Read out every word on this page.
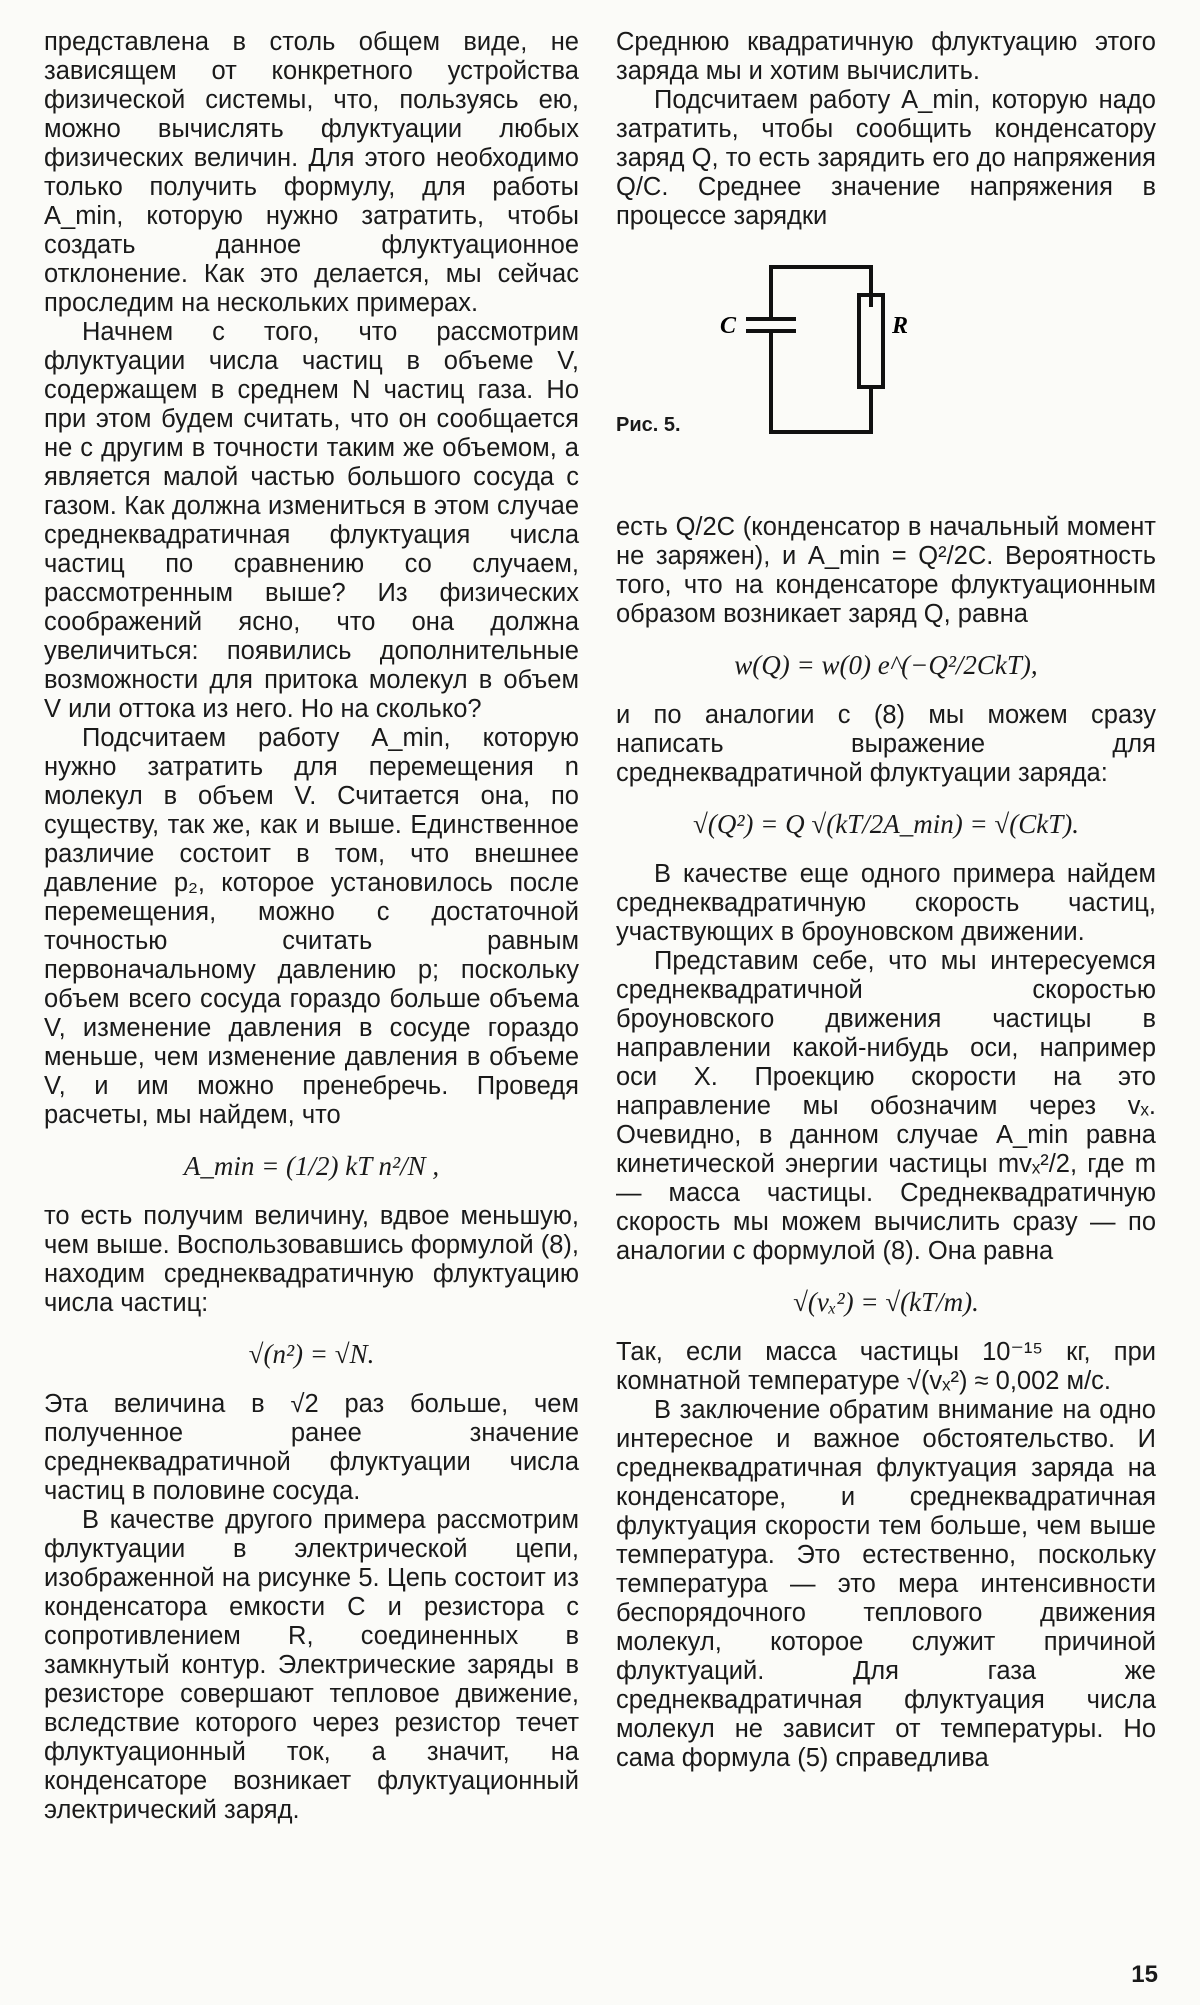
представлена в столь общем виде, не зависящем от конкретного устройства физической системы, что, пользуясь ею, можно вычислять флуктуации любых физических величин. Для этого необходимо только получить формулу, для работы A_min, которую нужно затратить, чтобы создать данное флуктуационное отклонение. Как это делается, мы сейчас проследим на нескольких примерах.

Начнем с того, что рассмотрим флуктуации числа частиц в объеме V, содержащем в среднем N частиц газа. Но при этом будем считать, что он сообщается не с другим в точности таким же объемом, а является малой частью большого сосуда с газом. Как должна измениться в этом случае среднеквадратичная флуктуация числа частиц по сравнению со случаем, рассмотренным выше? Из физических соображений ясно, что она должна увеличиться: появились дополнительные возможности для притока молекул в объем V или оттока из него. Но на сколько?

Подсчитаем работу A_min, которую нужно затратить для перемещения n молекул в объем V. Считается она, по существу, так же, как и выше. Единственное различие состоит в том, что внешнее давление p₂, которое установилось после перемещения, можно с достаточной точностью считать равным первоначальному давлению p; поскольку объем всего сосуда гораздо больше объема V, изменение давления в сосуде гораздо меньше, чем изменение давления в объеме V, и им можно пренебречь. Проведя расчеты, мы найдем, что

A_min = (1/2) kT n²/N ,

то есть получим величину, вдвое меньшую, чем выше. Воспользовавшись формулой (8), находим среднеквадратичную флуктуацию числа частиц:

√(n²) = √N.

Эта величина в √2 раз больше, чем полученное ранее значение среднеквадратичной флуктуации числа частиц в половине сосуда.

В качестве другого примера рассмотрим флуктуации в электрической цепи, изображенной на рисунке 5. Цепь состоит из конденсатора емкости C и резистора с сопротивлением R, соединенных в замкнутый контур. Электрические заряды в резисторе совершают тепловое движение, вследствие которого через резистор течет флуктуационный ток, а значит, на конденсаторе возникает флуктуационный электрический заряд.

Среднюю квадратичную флуктуацию этого заряда мы и хотим вычислить.

Подсчитаем работу A_min, которую надо затратить, чтобы сообщить конденсатору заряд Q, то есть зарядить его до напряжения Q/C. Среднее значение напряжения в процессе зарядки

C	R
Рис. 5.

есть Q/2C (конденсатор в начальный момент не заряжен), и A_min = Q²/2C. Вероятность того, что на конденсаторе флуктуационным образом возникает заряд Q, равна

w(Q) = w(0) e^(−Q²/2CkT),

и по аналогии с (8) мы можем сразу написать выражение для среднеквадратичной флуктуации заряда:

√(Q²) = Q √(kT/2A_min) = √(CkT).

В качестве еще одного примера найдем среднеквадратичную скорость частиц, участвующих в броуновском движении.

Представим себе, что мы интересуемся среднеквадратичной скоростью броуновского движения частицы в направлении какой-нибудь оси, например оси X. Проекцию скорости на это направление мы обозначим через vₓ. Очевидно, в данном случае A_min равна кинетической энергии частицы mvₓ²/2, где m — масса частицы. Среднеквадратичную скорость мы можем вычислить сразу — по аналогии с формулой (8). Она равна

√(vₓ²) = √(kT/m).

Так, если масса частицы 10⁻¹⁵ кг, при комнатной температуре √(vₓ²) ≈ 0,002 м/с.

В заключение обратим внимание на одно интересное и важное обстоятельство. И среднеквадратичная флуктуация заряда на конденсаторе, и среднеквадратичная флуктуация скорости тем больше, чем выше температура. Это естественно, поскольку температура — это мера интенсивности беспорядочного теплового движения молекул, которое служит причиной флуктуаций. Для газа же среднеквадратичная флуктуация числа молекул не зависит от температуры. Но сама формула (5) справедлива

15
